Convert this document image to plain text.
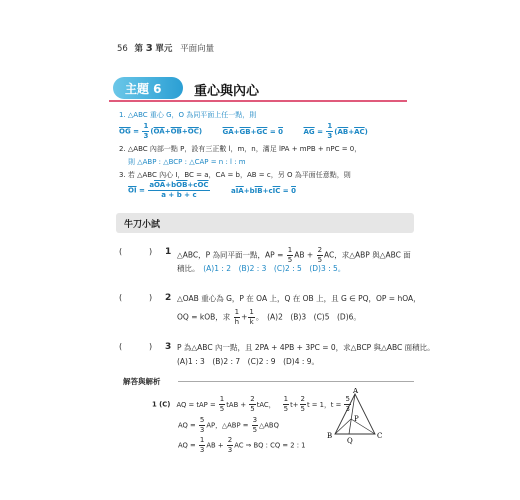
56 第 3 單元 平面向量
主題 6 重心與內心
1. △ABC 重心 G，O 為同平面上任一點，則
$\overline{OG} = \frac{1}{3} (\overline{OA}+\overline{OB}+\overline{OC})$	$\overline{GA}+\overline{GB}+\overline{GC} = 0$	$\overline{AG} = \frac{1}{3} (\overline{AB}+\overline{AC})$
2. △ABC 內部一點 P，設有三正數 l，m，n，滿足 lPA + mPB + nPC = 0，
則 △ABP : △BCP : △CAP = n : l : m
3. 若 △ABC 內心 I，BC = a，CA = b，AB = c，另 O 為平面任意點，則
$\overline{OI} = \frac{a\overline{OA}+b\overline{OB}+c\overline{OC}}{a + b + c}$	$a\overline{IA}+b\overline{IB}+c\overline{IC} = 0$
牛刀小試
(	) 1 △ABC，P 為同平面一點，AP = $\frac{1}{5}$ AB + $\frac{2}{5}$ AC，求△ABP 與△ABC 面
積比。　 (A)1 : 2　(B)2 : 3　(C)2 : 5　(D)3 : 5。
(	) 2 △OAB 重心為 G，P 在 OA 上，Q 在 OB 上，且 G ∈ PQ，OP = hOA，
OQ = kOB，求 $\frac{1}{h} + \frac{1}{k}$ 。　(A)2　(B)3　(C)5　(D)6。
(	) 3 P 為△ABC 內一點，且 2PA + 4PB + 3PC = 0，求△BCP 與△ABC 面積比。
(A)1 : 3　(B)2 : 7　(C)2 : 9　(D)4 : 9。
解答與解析
1 (C) AQ = tAP = $\frac{1}{5}$ tAB + $\frac{2}{5}$ tAC， $\frac{1}{5} t+ \frac{2}{5}$ t = 1，$t = \frac{5}{3}$
AQ = $\frac{5}{3}$ AP，△ABP = $\frac{3}{5}$ △ABQ
AQ = $\frac{1}{3}$ AB + $\frac{2}{3}$ AC ⇒ BQ : CQ = 2 : 1
A
B	C
P
Q
